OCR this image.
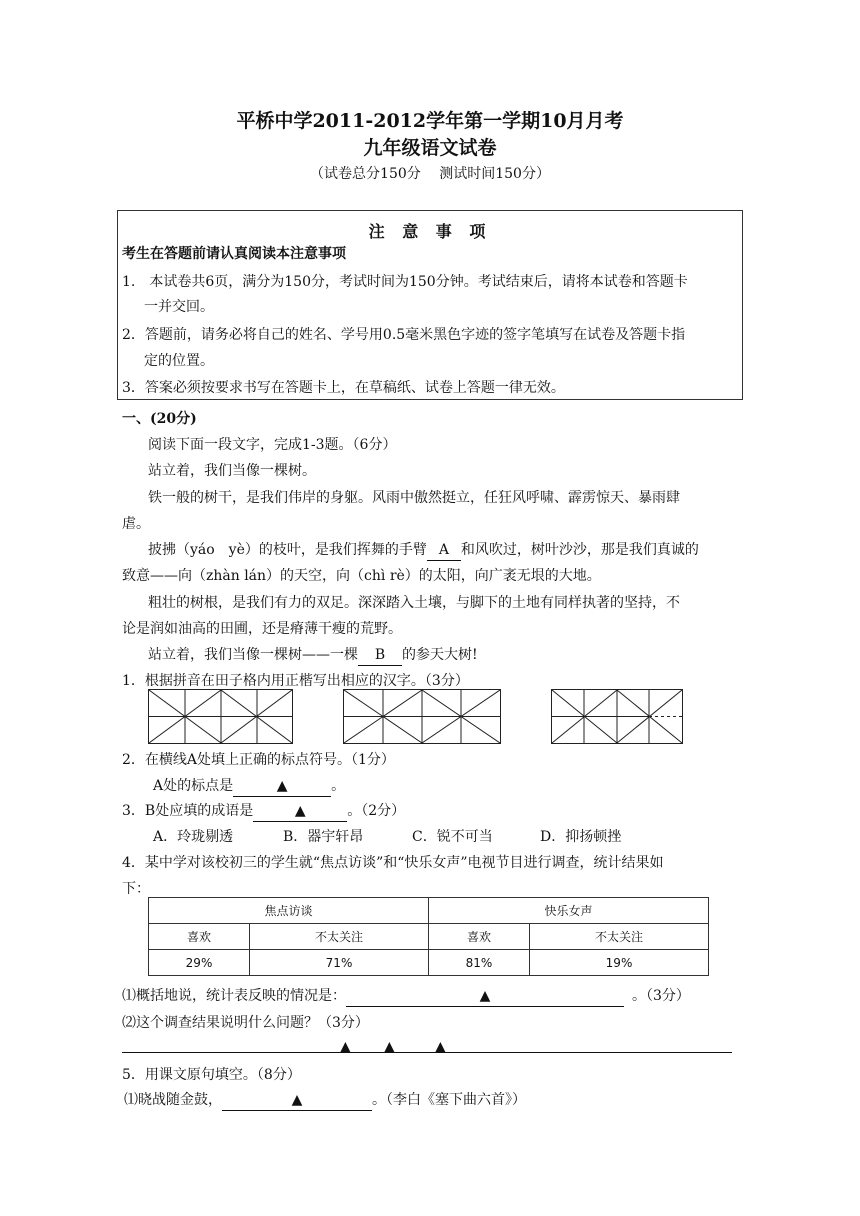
平桥中学2011-2012学年第一学期10月月考
九年级语文试卷
（试卷总分150分　 测试时间150分）
注 意 事 项
考生在答题前请认真阅读本注意事项
1.　本试卷共6页，满分为150分，考试时间为150分钟。考试结束后，请将本试卷和答题卡
一并交回。
2．答题前，请务必将自己的姓名、学号用0.5毫米黑色字迹的签字笔填写在试卷及答题卡指
定的位置。
3．答案必须按要求书写在答题卡上，在草稿纸、试卷上答题一律无效。
一、(20分)
阅读下面一段文字，完成1-3题。（6分）
站立着，我们当像一棵树。
铁一般的树干，是我们伟岸的身躯。风雨中傲然挺立，任狂风呼啸、霹雳惊天、暴雨肆
虐。
披拂（yáo　yè）的枝叶，是我们挥舞的手臂 A 和风吹过，树叶沙沙，那是我们真诚的
致意——向（zhàn lán）的天空，向（chì rè）的太阳，向广袤无垠的大地。
粗壮的树根，是我们有力的双足。深深踏入土壤，与脚下的土地有同样执著的坚持，不
论是润如油高的田圃，还是瘠薄干瘦的荒野。
站立着，我们当像一棵树——一棵 B 的参天大树!
1．根据拼音在田子格内用正楷写出相应的汉字。（3分）
2．在横线A处填上正确的标点符号。（1分）
A处的标点是	▲	。
3．B处应填的成语是	▲	。（2分）
A．玲珑剔透	B．器宇轩昂	C．锐不可当	D．抑扬顿挫
4．某中学对该校初三的学生就“焦点访谈”和“快乐女声”电视节目进行调查，统计结果如
下：
焦点访谈		快乐女声	
喜欢	不太关注	喜欢	不太关注
29%	71%	81%	19%
⑴概括地说，统计表反映的情况是：	▲	。（3分）
⑵这个调查结果说明什么问题？（3分）
▲ ▲	▲
5．用课文原句填空。（8分）
⑴晓战随金鼓，	▲	。（李白《塞下曲六首》）
